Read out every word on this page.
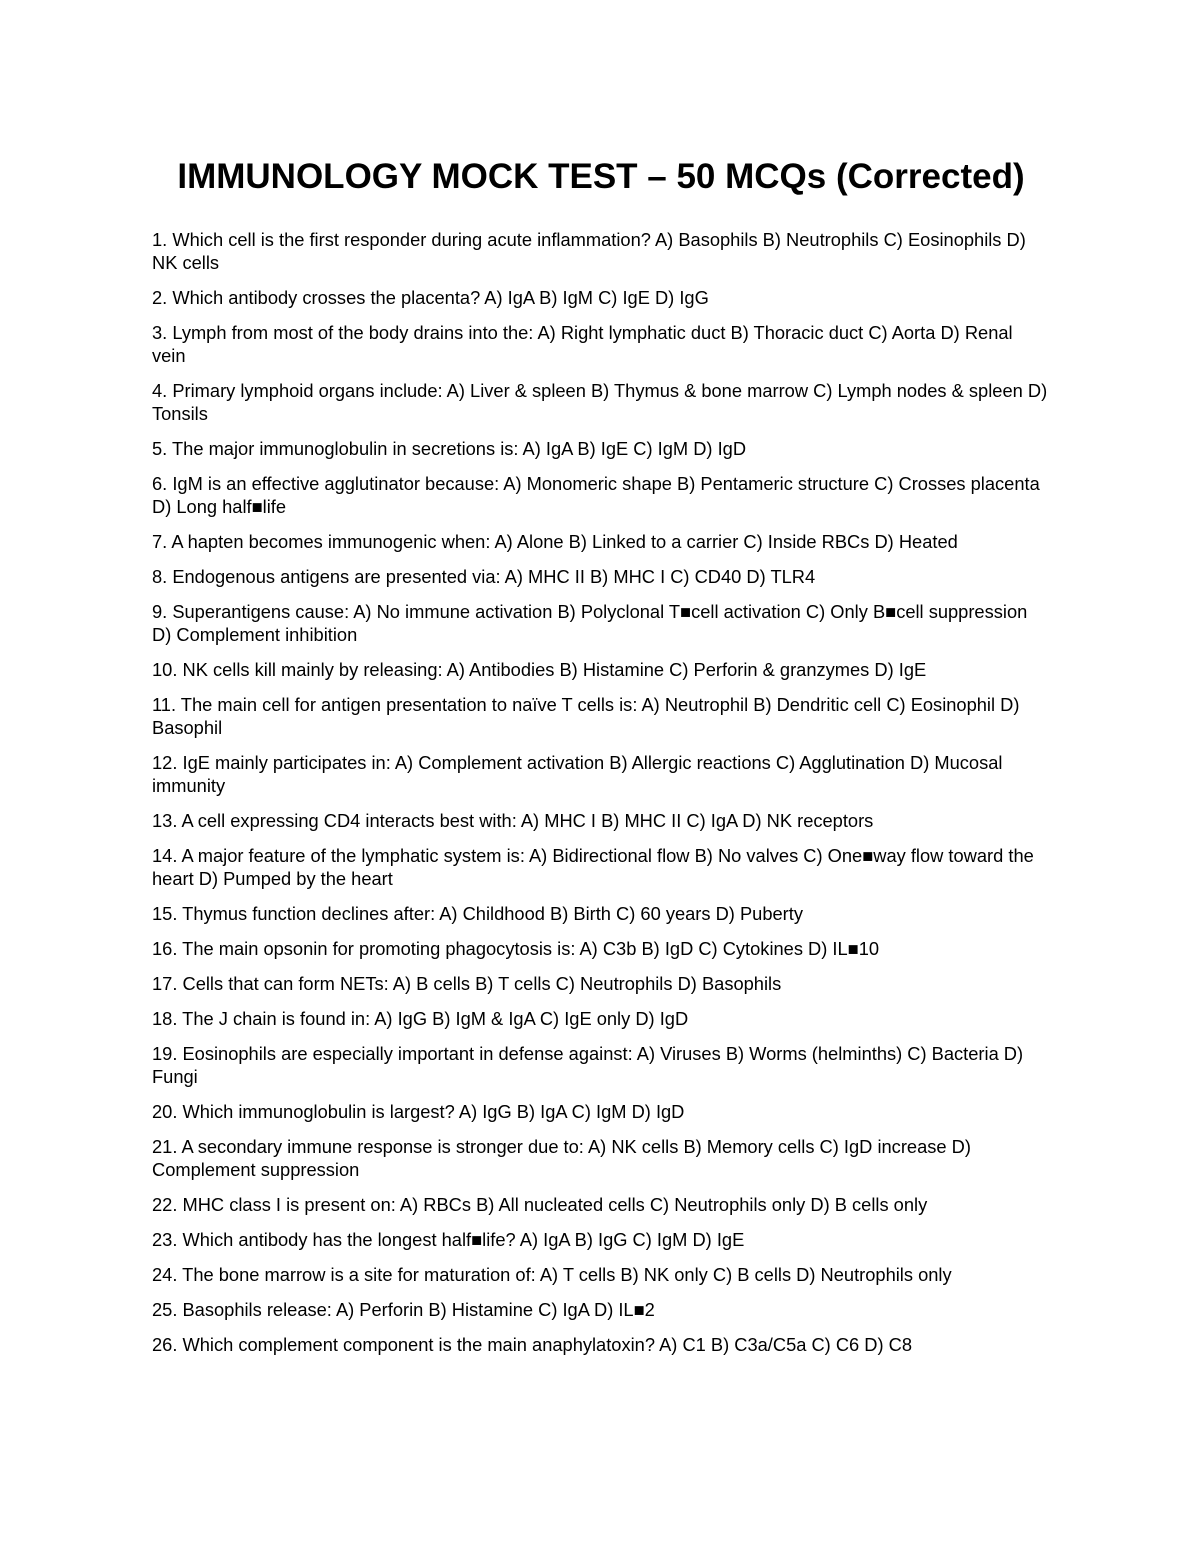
IMMUNOLOGY MOCK TEST – 50 MCQs (Corrected)

1. Which cell is the first responder during acute inflammation? A) Basophils B) Neutrophils C) Eosinophils D) NK cells

2. Which antibody crosses the placenta? A) IgA B) IgM C) IgE D) IgG

3. Lymph from most of the body drains into the: A) Right lymphatic duct B) Thoracic duct C) Aorta D) Renal vein

4. Primary lymphoid organs include: A) Liver & spleen B) Thymus & bone marrow C) Lymph nodes & spleen D) Tonsils

5. The major immunoglobulin in secretions is: A) IgA B) IgE C) IgM D) IgD

6. IgM is an effective agglutinator because: A) Monomeric shape B) Pentameric structure C) Crosses placenta D) Long half■life

7. A hapten becomes immunogenic when: A) Alone B) Linked to a carrier C) Inside RBCs D) Heated

8. Endogenous antigens are presented via: A) MHC II B) MHC I C) CD40 D) TLR4

9. Superantigens cause: A) No immune activation B) Polyclonal T■cell activation C) Only B■cell suppression D) Complement inhibition

10. NK cells kill mainly by releasing: A) Antibodies B) Histamine C) Perforin & granzymes D) IgE

11. The main cell for antigen presentation to naïve T cells is: A) Neutrophil B) Dendritic cell C) Eosinophil D) Basophil

12. IgE mainly participates in: A) Complement activation B) Allergic reactions C) Agglutination D) Mucosal immunity

13. A cell expressing CD4 interacts best with: A) MHC I B) MHC II C) IgA D) NK receptors

14. A major feature of the lymphatic system is: A) Bidirectional flow B) No valves C) One■way flow toward the heart D) Pumped by the heart

15. Thymus function declines after: A) Childhood B) Birth C) 60 years D) Puberty

16. The main opsonin for promoting phagocytosis is: A) C3b B) IgD C) Cytokines D) IL■10

17. Cells that can form NETs: A) B cells B) T cells C) Neutrophils D) Basophils

18. The J chain is found in: A) IgG B) IgM & IgA C) IgE only D) IgD

19. Eosinophils are especially important in defense against: A) Viruses B) Worms (helminths) C) Bacteria D) Fungi

20. Which immunoglobulin is largest? A) IgG B) IgA C) IgM D) IgD

21. A secondary immune response is stronger due to: A) NK cells B) Memory cells C) IgD increase D) Complement suppression

22. MHC class I is present on: A) RBCs B) All nucleated cells C) Neutrophils only D) B cells only

23. Which antibody has the longest half■life? A) IgA B) IgG C) IgM D) IgE

24. The bone marrow is a site for maturation of: A) T cells B) NK only C) B cells D) Neutrophils only

25. Basophils release: A) Perforin B) Histamine C) IgA D) IL■2

26. Which complement component is the main anaphylatoxin? A) C1 B) C3a/C5a C) C6 D) C8
